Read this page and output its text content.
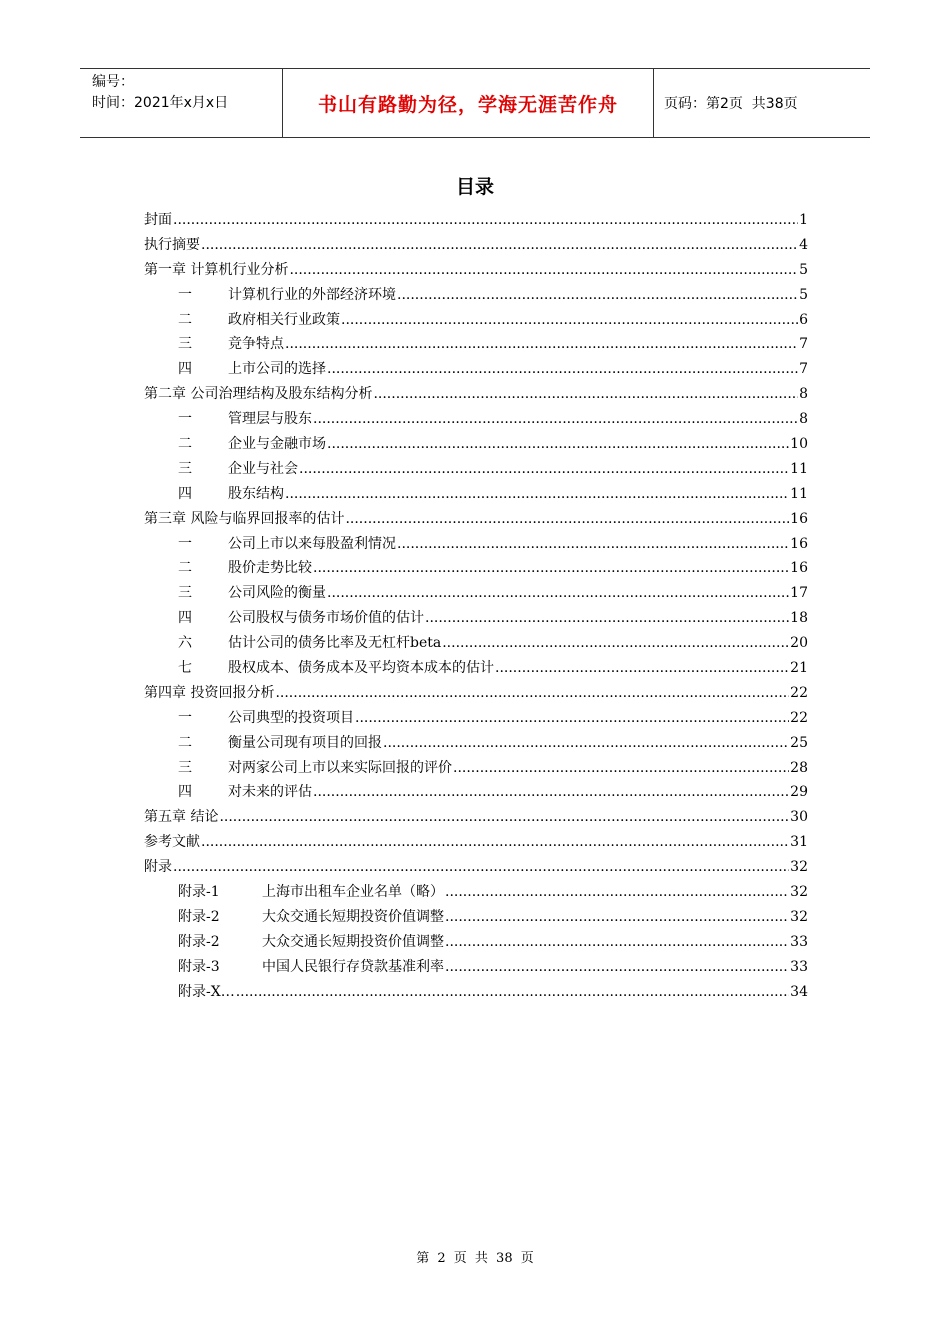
编号：
时间：2021年x月x日	书山有路勤为径，学海无涯苦作舟	页码：第2页  共38页
目录
封面 .....	1
执行摘要 .....	4
第一章 计算机行业分析 .....	5
一	计算机行业的外部经济环境 .....	5
二	政府相关行业政策 .....	6
三	竞争特点 .....	7
四	上市公司的选择 .....	7
第二章 公司治理结构及股东结构分析 .....	8
一	管理层与股东 .....	8
二	企业与金融市场 .....	10
三	企业与社会 .....	11
四	股东结构 .....	11
第三章 风险与临界回报率的估计 .....	16
一	公司上市以来每股盈利情况 .....	16
二	股价走势比较 .....	16
三	公司风险的衡量 .....	17
四	公司股权与债务市场价值的估计 .....	18
六	估计公司的债务比率及无杠杆beta .....	20
七	股权成本、债务成本及平均资本成本的估计 .....	21
第四章 投资回报分析 .....	22
一	公司典型的投资项目 .....	22
二	衡量公司现有项目的回报 .....	25
三	对两家公司上市以来实际回报的评价 .....	28
四	对未来的评估 .....	29
第五章 结论 .....	30
参考文献 .....	31
附录 .....	32
附录-1	上海市出租车企业名单（略） .....	32
附录-2	大众交通长短期投资价值调整 .....	32
附录-2	大众交通长短期投资价值调整 .....	33
附录-3	中国人民银行存贷款基准利率 .....	33
附录-X… .....	34
第 2 页 共 38 页
